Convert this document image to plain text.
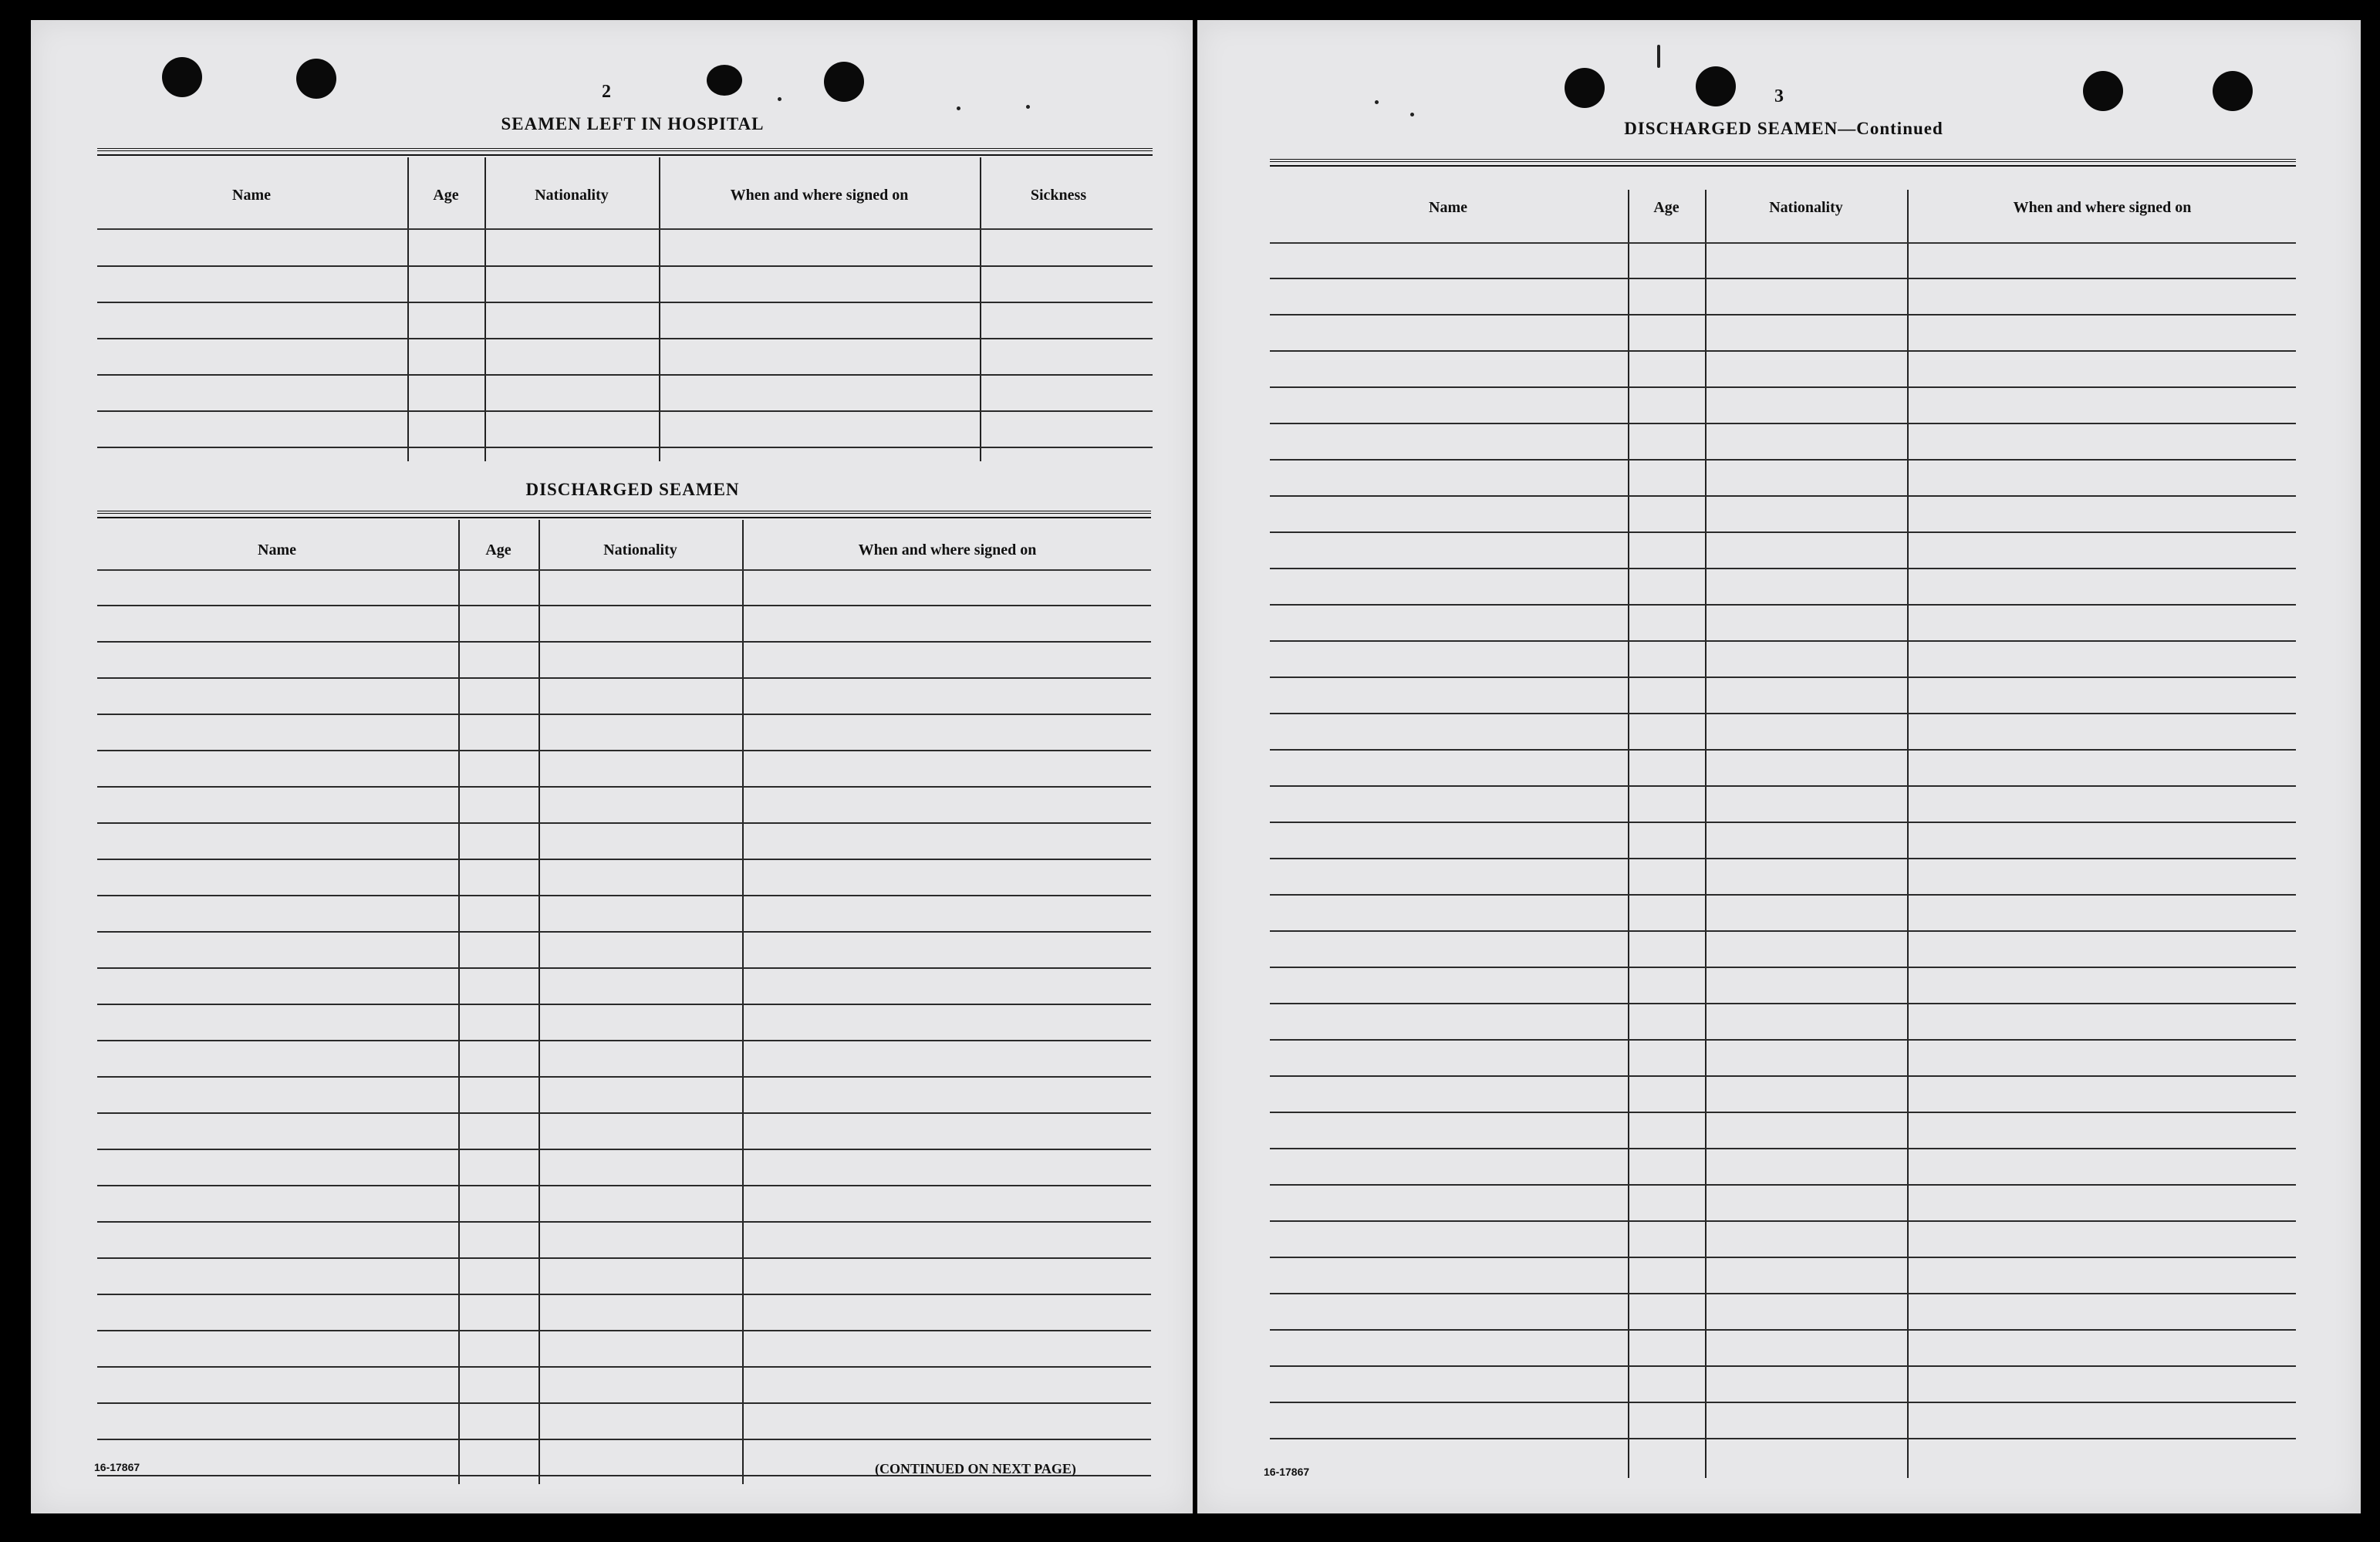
2
SEAMEN LEFT IN HOSPITAL
Name	Age	Nationality	When and where signed on	Sickness
DISCHARGED SEAMEN
Name	Age	Nationality	When and where signed on
16-17867	(CONTINUED ON NEXT PAGE)
3
DISCHARGED SEAMEN—Continued
Name	Age	Nationality	When and where signed on
16-17867
